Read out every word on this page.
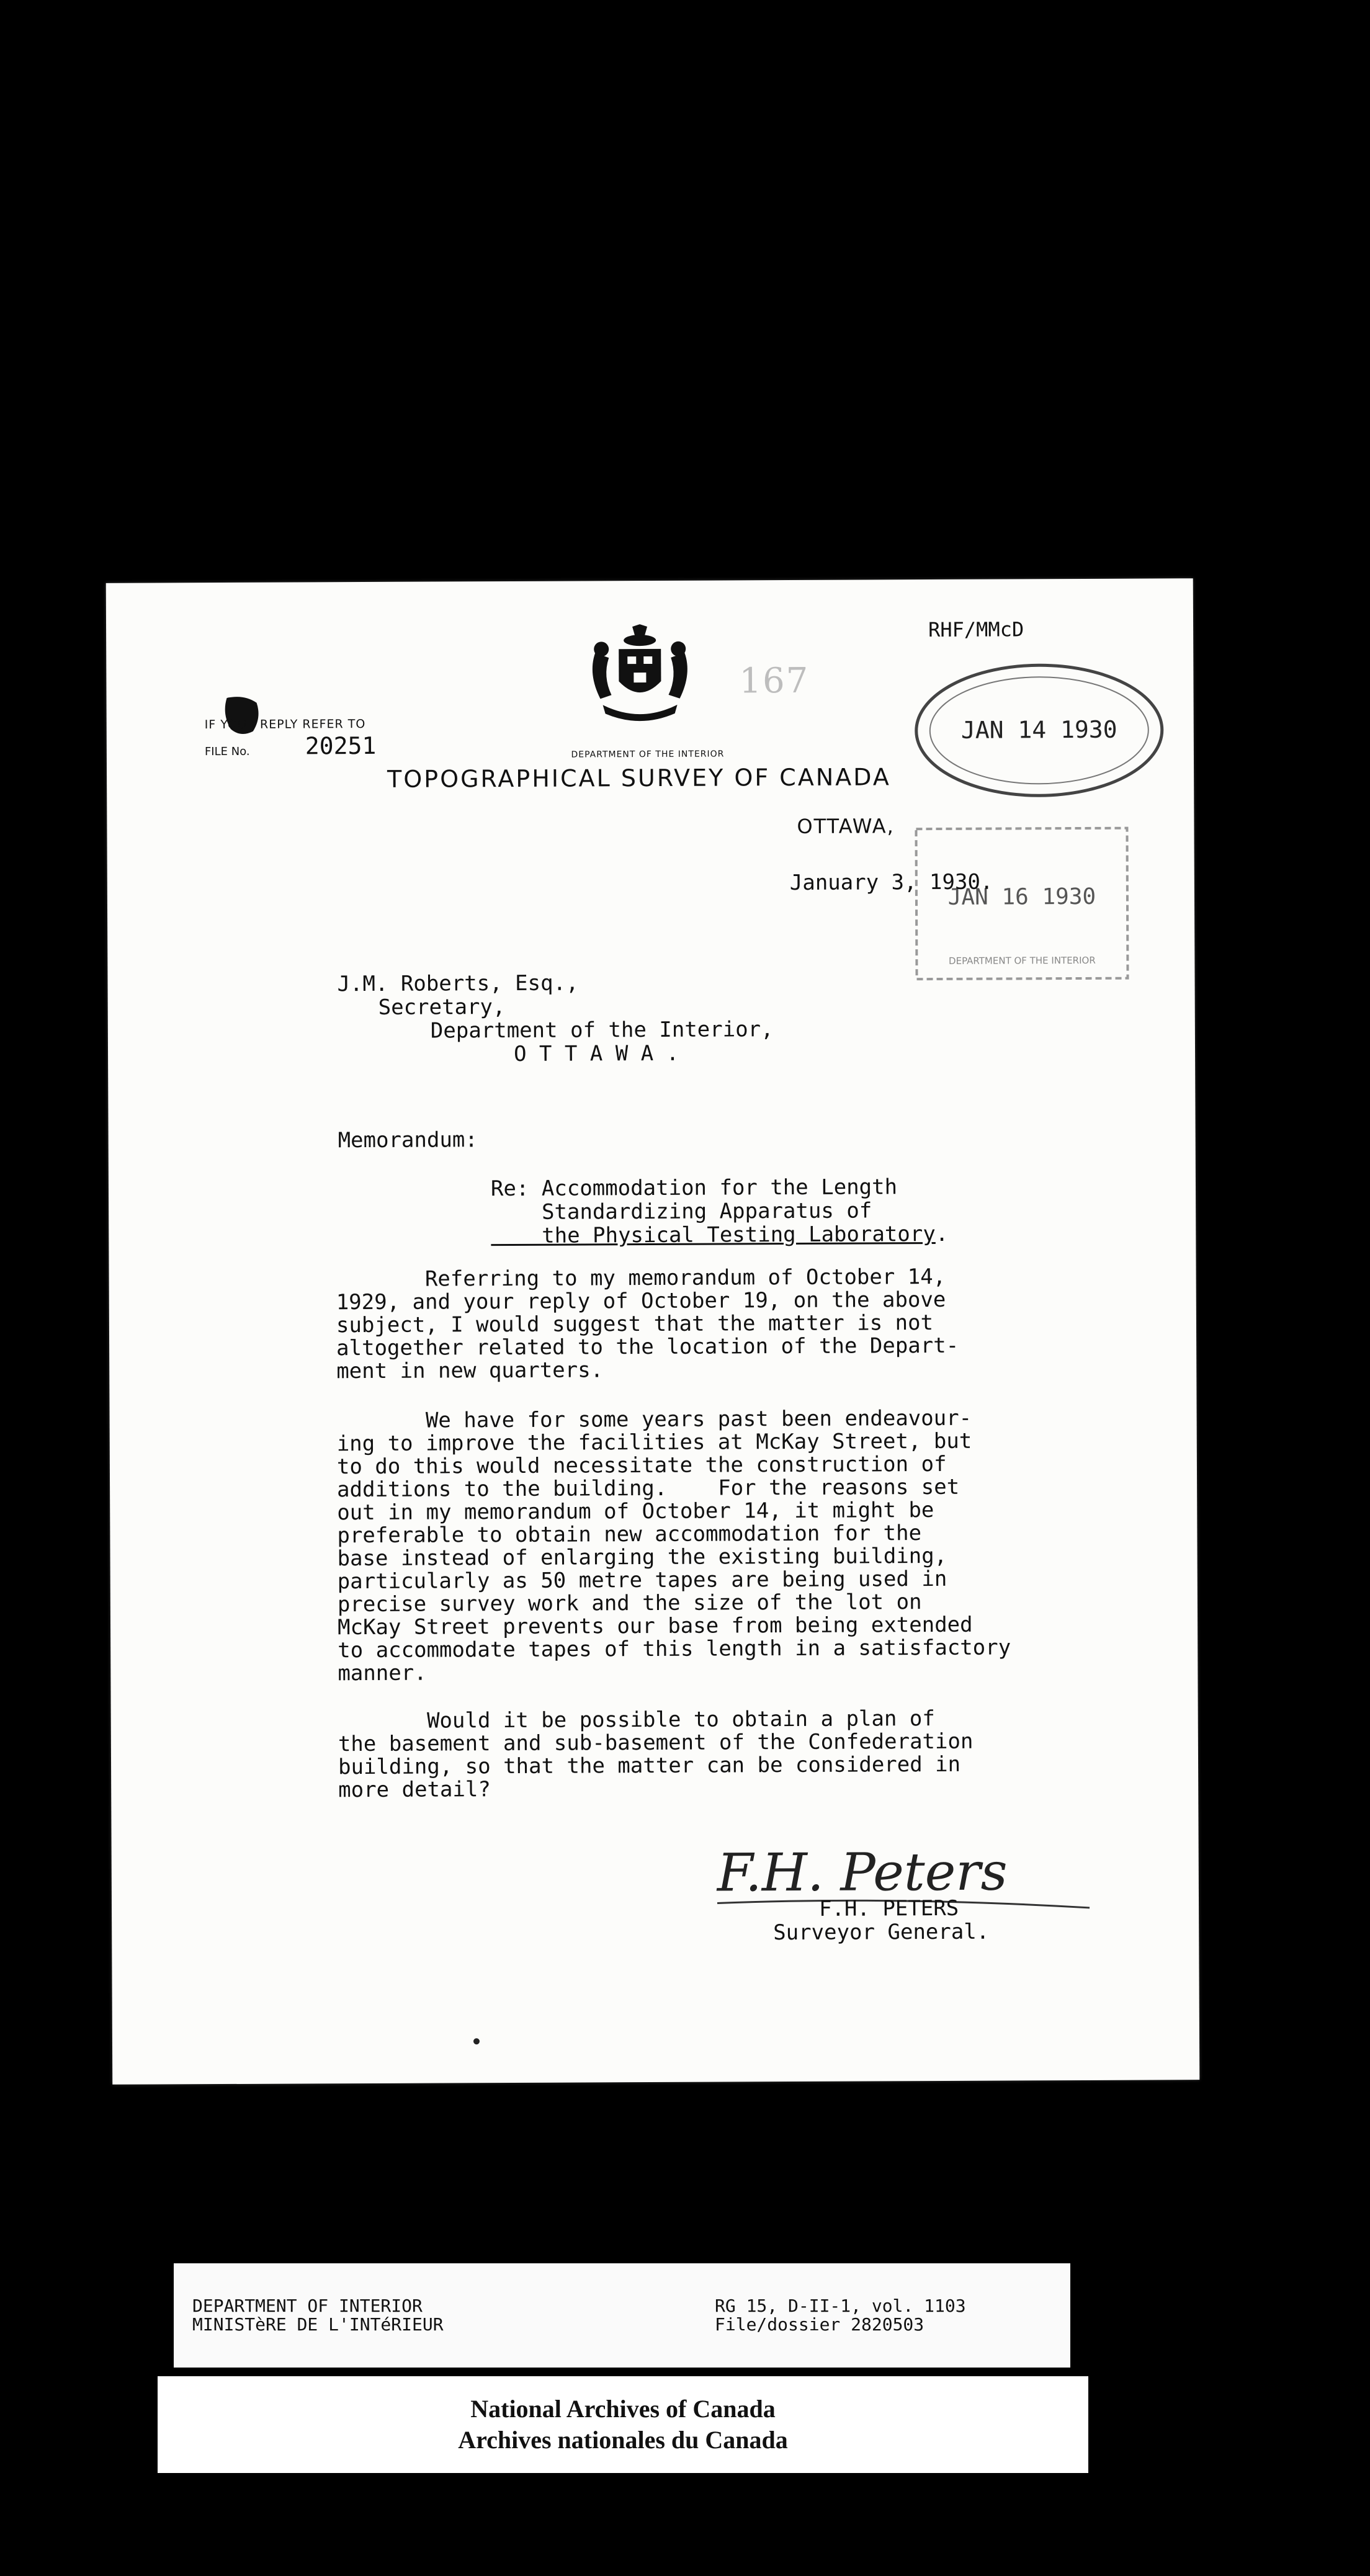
DEPARTMENT OF THE INTERIOR
167
IF YOUR REPLY REFER TO
FILE No. 20251
TOPOGRAPHICAL SURVEY OF CANADA
OTTAWA,
RHF/MMcD
JAN 14 1930
JAN 16 1930
DEPARTMENT OF THE INTERIOR
January 3, 1930.
J.M. Roberts, Esq.,
Secretary,
Department of the Interior,
O T T A W A .
Memorandum:
Re: Accommodation for the Length
Standardizing Apparatus of
the Physical Testing Laboratory.

Referring to my memorandum of October 14,
1929, and your reply of October 19, on the above
subject, I would suggest that the matter is not
altogether related to the location of the Depart-
ment in new quarters.

We have for some years past been endeavour-
ing to improve the facilities at McKay Street, but
to do this would necessitate the construction of
additions to the building.    For the reasons set
out in my memorandum of October 14, it might be
preferable to obtain new accommodation for the
base instead of enlarging the existing building,
particularly as 50 metre tapes are being used in
precise survey work and the size of the lot on
McKay Street prevents our base from being extended
to accommodate tapes of this length in a satisfactory
manner.

Would it be possible to obtain a plan of
the basement and sub-basement of the Confederation
building, so that the matter can be considered in
more detail?

F.H. Peters
F.H. PETERS
Surveyor General.
DEPARTMENT OF INTERIOR
MINISTèRE DE L'INTéRIEUR
RG 15, D-II-1, vol. 1103
File/dossier 2820503
National Archives of Canada
Archives nationales du Canada
